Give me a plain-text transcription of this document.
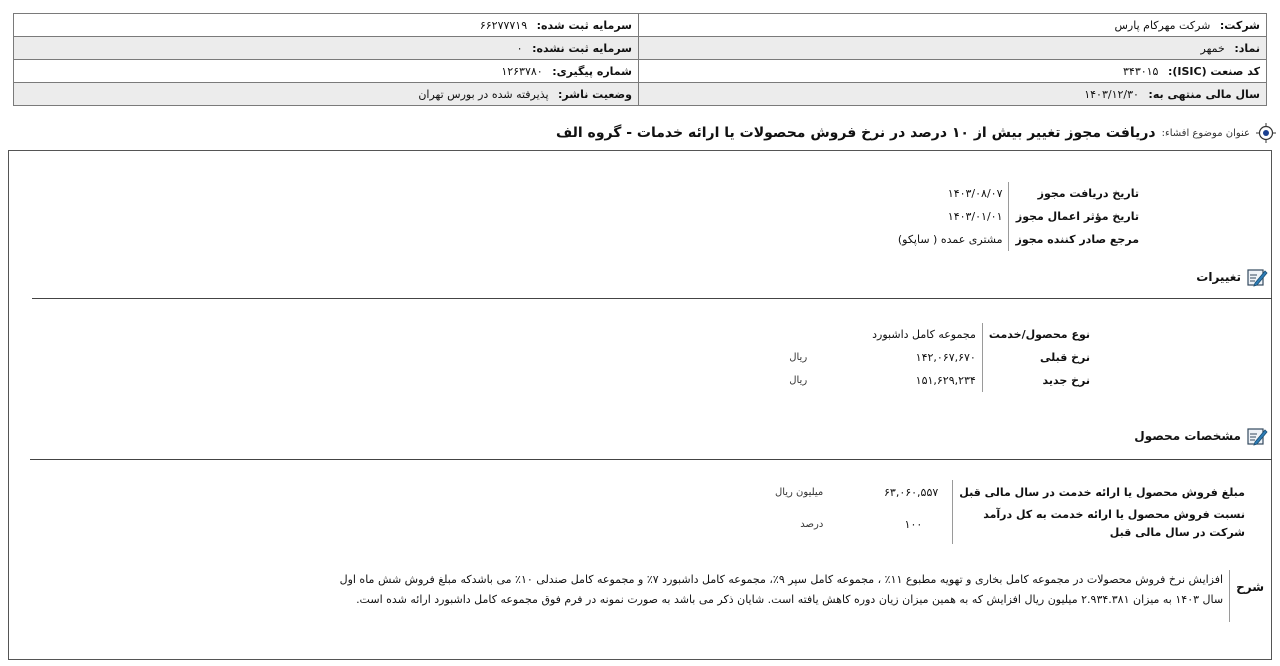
شرکت: شرکت مهرکام پارس	سرمایه ثبت شده: ۶۶۲۷۷۷۱۹
نماد: خمهر	سرمایه ثبت نشده: ۰
کد صنعت (ISIC): ۳۴۳۰۱۵	شماره پیگیری: ۱۲۶۳۷۸۰
سال مالی منتهی به: ۱۴۰۳/۱۲/۳۰	وضعیت ناشر: پذیرفته شده در بورس تهران
عنوان موضوع افشاء:
دریافت مجوز تغییر بیش از ۱۰ درصد در نرخ فروش محصولات یا ارائه خدمات - گروه الف
تاریخ دریافت مجوز	۱۴۰۳/۰۸/۰۷
تاریخ مؤثر اعمال مجوز	۱۴۰۳/۰۱/۰۱
مرجع صادر کننده مجوز	مشتری عمده ( ساپکو)
تغییرات
نوع محصول/خدمت	مجموعه کامل داشبورد	
نرخ قبلی	۱۴۲,۰۶۷,۶۷۰	ریال
نرخ جدید	۱۵۱,۶۲۹,۲۳۴	ریال
مشخصات محصول
مبلغ فروش محصول یا ارائه خدمت در سال مالی قبل	۶۳,۰۶۰,۵۵۷	میلیون ریال

نسبت فروش محصول یا ارائه خدمت به کل درآمد
شرکت در سال مالی قبل	۱۰۰	درصد
شرح
افزایش نرخ فروش محصولات در مجموعه کامل بخاری و تهویه مطبوع ۱۱٪ ، مجموعه کامل سپر ۹٪، مجموعه کامل داشبورد ۷٪ و مجموعه کامل صندلی ۱۰٪ می باشدکه مبلغ فروش شش ماه اول
سال ۱۴۰۳ به میزان ۲.۹۳۴.۳۸۱ میلیون ریال افزایش که به همین میزان زیان دوره کاهش یافته است. شایان ذکر می باشد به صورت نمونه در فرم فوق مجموعه کامل داشبورد ارائه شده است.
